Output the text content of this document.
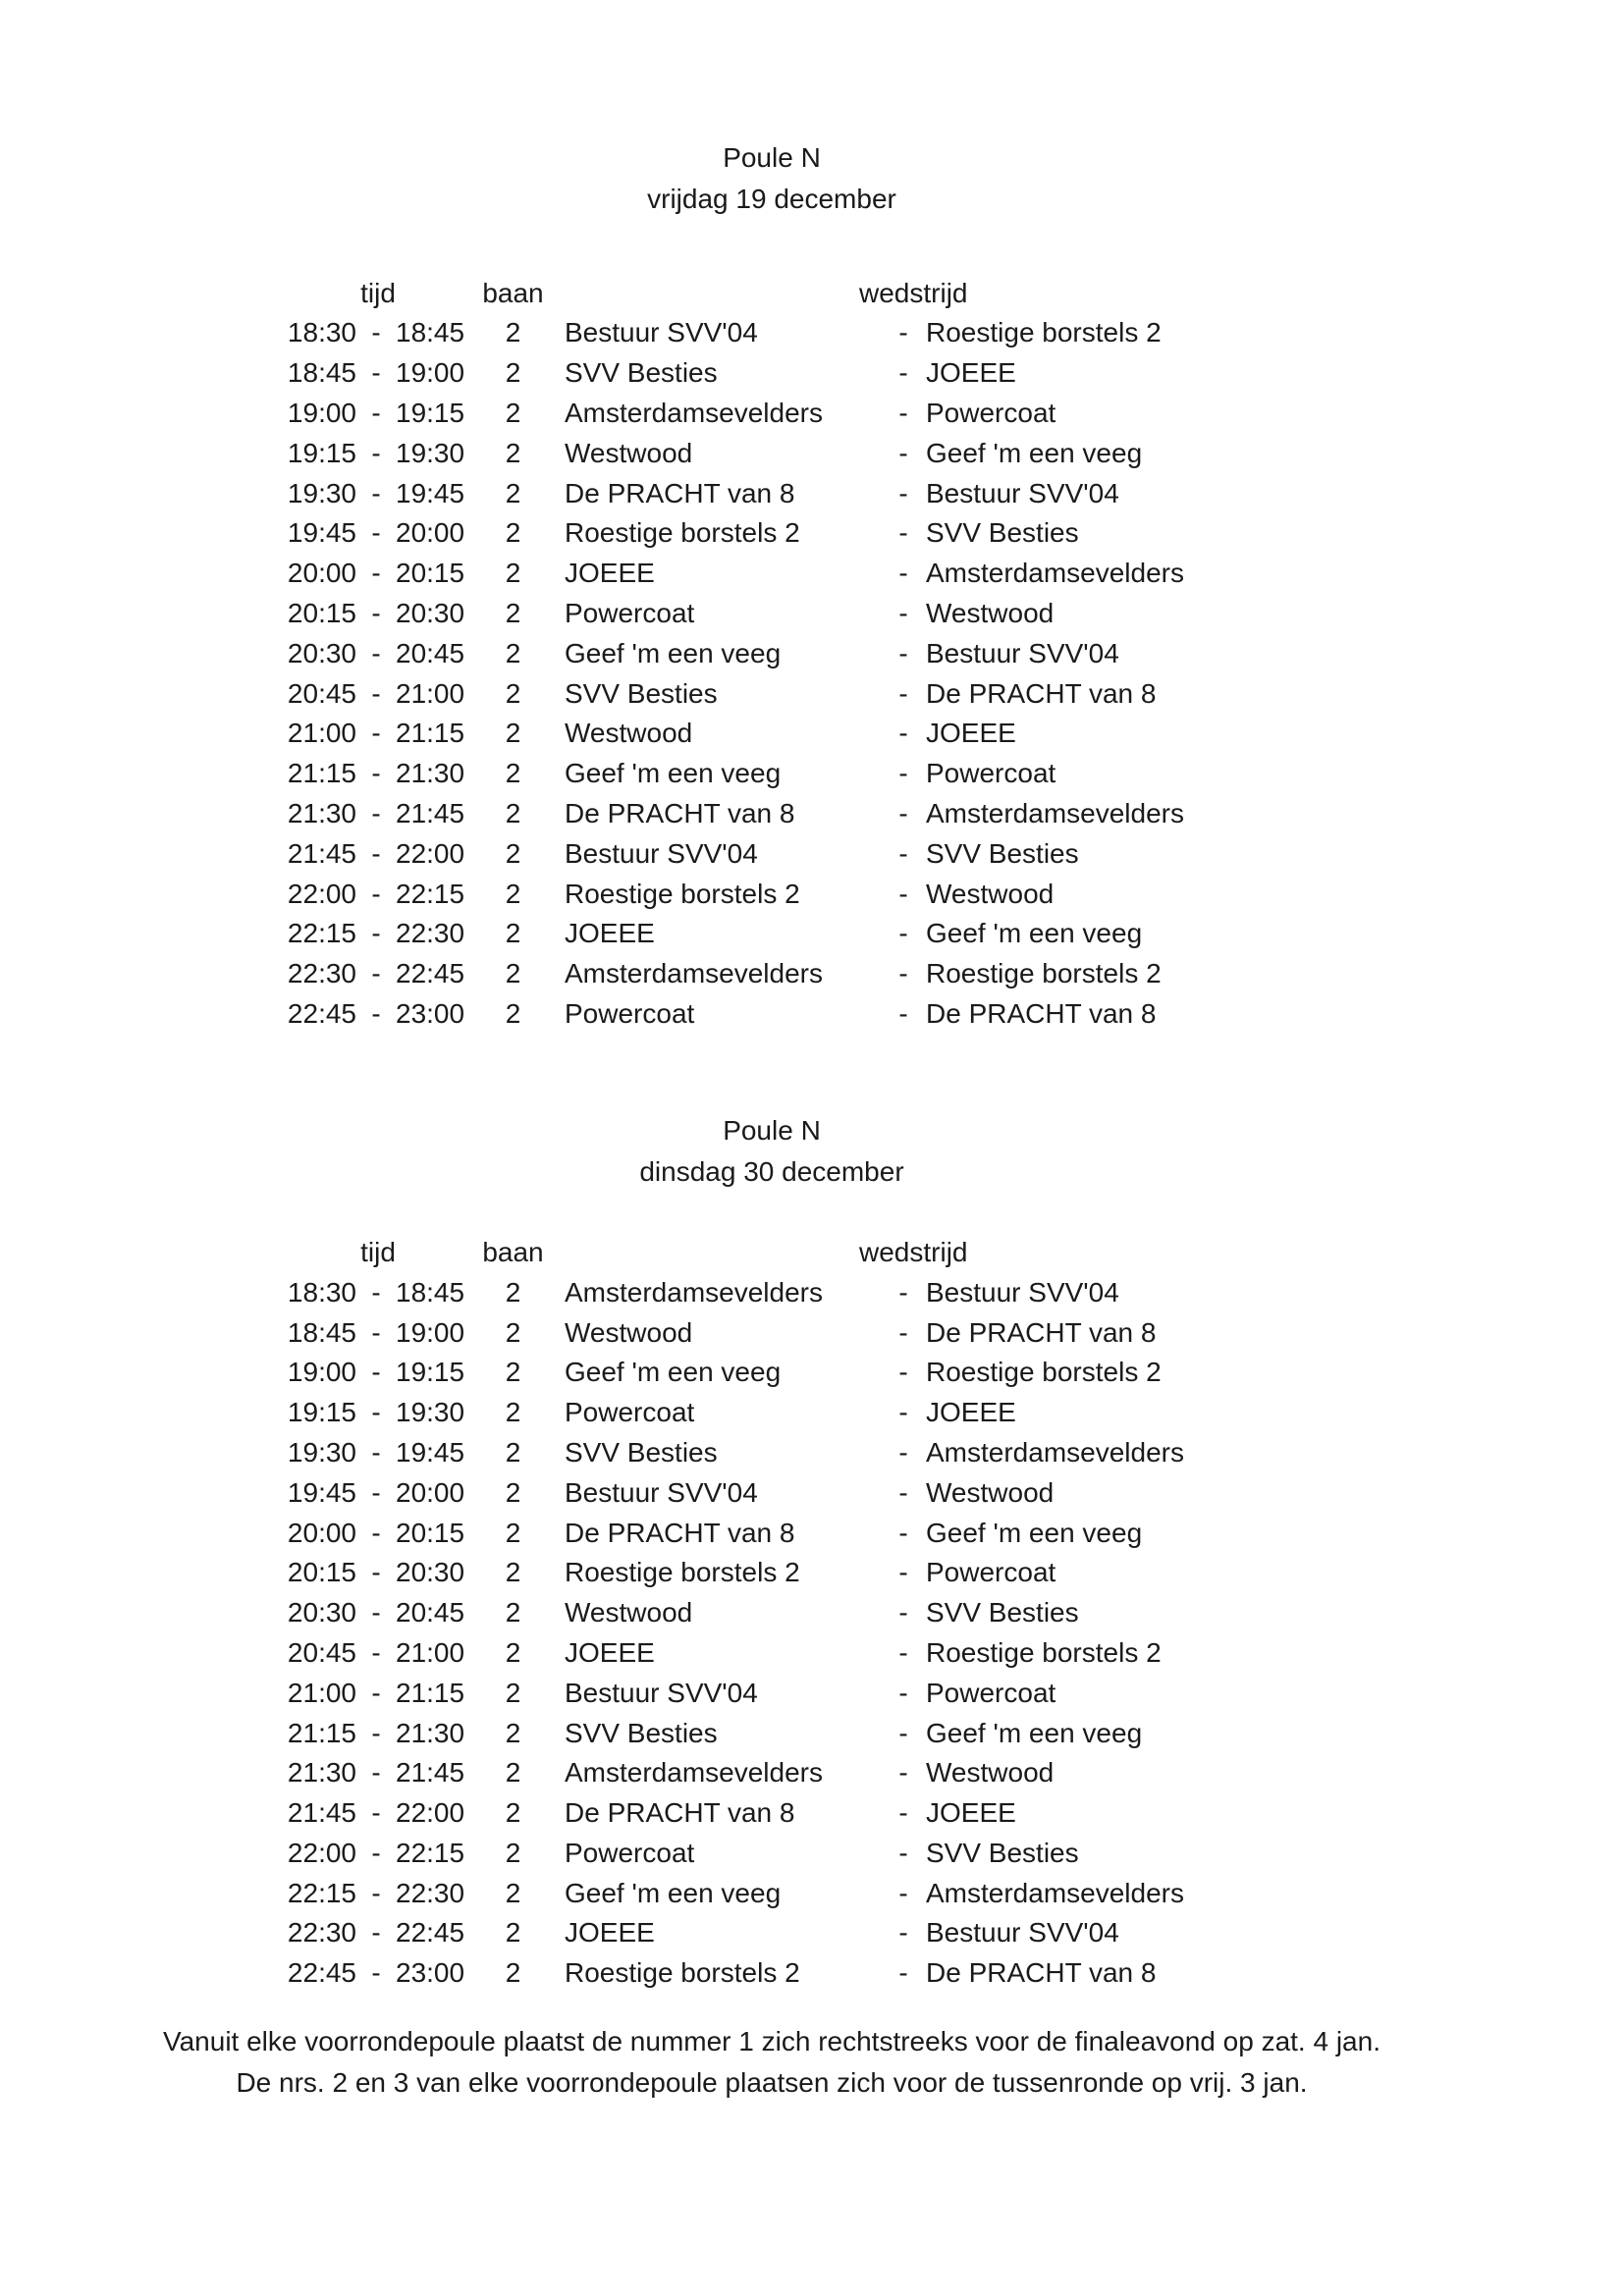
Poule N
vrijdag 19 december
tijd	baan	wedstrijd
18:30 - 18:45	2	Bestuur SVV'04	- Roestige borstels 2
18:45 - 19:00	2	SVV Besties	- JOEEE
19:00 - 19:15	2	Amsterdamsevelders	- Powercoat
19:15 - 19:30	2	Westwood	- Geef 'm een veeg
19:30 - 19:45	2	De PRACHT van 8	- Bestuur SVV'04
19:45 - 20:00	2	Roestige borstels 2	- SVV Besties
20:00 - 20:15	2	JOEEE	- Amsterdamsevelders
20:15 - 20:30	2	Powercoat	- Westwood
20:30 - 20:45	2	Geef 'm een veeg	- Bestuur SVV'04
20:45 - 21:00	2	SVV Besties	- De PRACHT van 8
21:00 - 21:15	2	Westwood	- JOEEE
21:15 - 21:30	2	Geef 'm een veeg	- Powercoat
21:30 - 21:45	2	De PRACHT van 8	- Amsterdamsevelders
21:45 - 22:00	2	Bestuur SVV'04	- SVV Besties
22:00 - 22:15	2	Roestige borstels 2	- Westwood
22:15 - 22:30	2	JOEEE	- Geef 'm een veeg
22:30 - 22:45	2	Amsterdamsevelders	- Roestige borstels 2
22:45 - 23:00	2	Powercoat	- De PRACHT van 8
Poule N
dinsdag 30 december
tijd	baan	wedstrijd
18:30 - 18:45	2	Amsterdamsevelders	- Bestuur SVV'04
18:45 - 19:00	2	Westwood	- De PRACHT van 8
19:00 - 19:15	2	Geef 'm een veeg	- Roestige borstels 2
19:15 - 19:30	2	Powercoat	- JOEEE
19:30 - 19:45	2	SVV Besties	- Amsterdamsevelders
19:45 - 20:00	2	Bestuur SVV'04	- Westwood
20:00 - 20:15	2	De PRACHT van 8	- Geef 'm een veeg
20:15 - 20:30	2	Roestige borstels 2	- Powercoat
20:30 - 20:45	2	Westwood	- SVV Besties
20:45 - 21:00	2	JOEEE	- Roestige borstels 2
21:00 - 21:15	2	Bestuur SVV'04	- Powercoat
21:15 - 21:30	2	SVV Besties	- Geef 'm een veeg
21:30 - 21:45	2	Amsterdamsevelders	- Westwood
21:45 - 22:00	2	De PRACHT van 8	- JOEEE
22:00 - 22:15	2	Powercoat	- SVV Besties
22:15 - 22:30	2	Geef 'm een veeg	- Amsterdamsevelders
22:30 - 22:45	2	JOEEE	- Bestuur SVV'04
22:45 - 23:00	2	Roestige borstels 2	- De PRACHT van 8
Vanuit elke voorrondepoule plaatst de nummer 1 zich rechtstreeks voor de finaleavond op zat. 4 jan.
De nrs. 2 en 3 van elke voorrondepoule plaatsen zich voor de tussenronde op vrij. 3 jan.
